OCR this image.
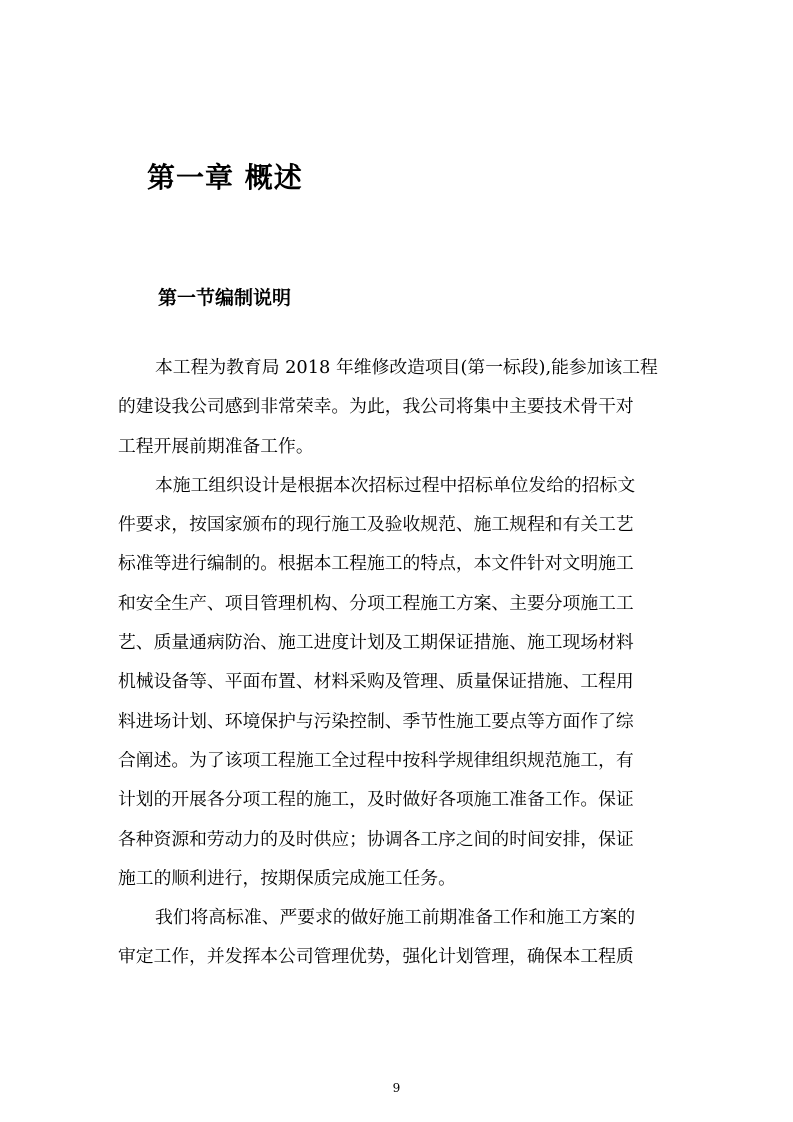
第一章 概述
第一节编制说明

本工程为教育局 2018 年维修改造项目(第一标段),能参加该工程
的建设我公司感到非常荣幸。为此，我公司将集中主要技术骨干对
工程开展前期准备工作。

本施工组织设计是根据本次招标过程中招标单位发给的招标文
件要求，按国家颁布的现行施工及验收规范、施工规程和有关工艺
标准等进行编制的。根据本工程施工的特点，本文件针对文明施工
和安全生产、项目管理机构、分项工程施工方案、主要分项施工工
艺、质量通病防治、施工进度计划及工期保证措施、施工现场材料
机械设备等、平面布置、材料采购及管理、质量保证措施、工程用
料进场计划、环境保护与污染控制、季节性施工要点等方面作了综
合阐述。为了该项工程施工全过程中按科学规律组织规范施工，有
计划的开展各分项工程的施工，及时做好各项施工准备工作。保证
各种资源和劳动力的及时供应；协调各工序之间的时间安排，保证
施工的顺利进行，按期保质完成施工任务。

我们将高标准、严要求的做好施工前期准备工作和施工方案的
审定工作，并发挥本公司管理优势，强化计划管理，确保本工程质

9
